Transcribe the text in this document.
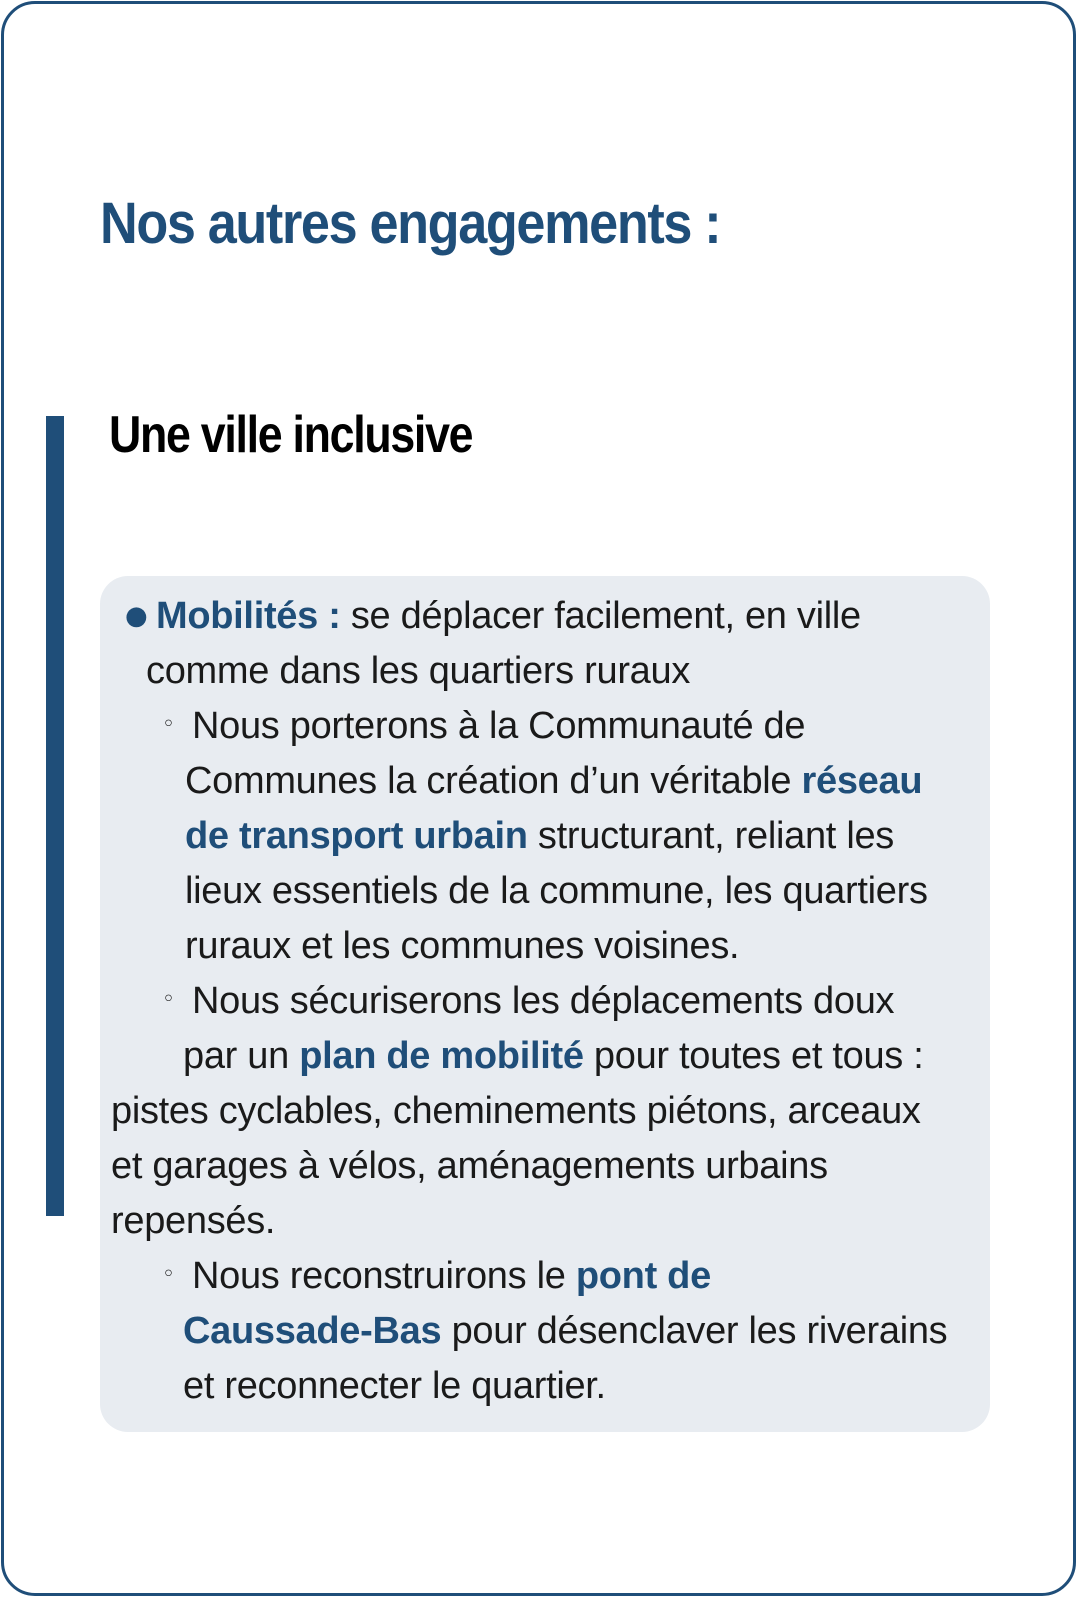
Nos autres engagements :
Une ville inclusive
● Mobilités : se déplacer facilement, en ville
comme dans les quartiers ruraux
◦ Nous porterons à la Communauté de
Communes la création d’un véritable réseau
de transport urbain structurant, reliant les
lieux essentiels de la commune, les quartiers
ruraux et les communes voisines.
◦ Nous sécuriserons les déplacements doux
par un plan de mobilité pour toutes et tous :
pistes cyclables, cheminements piétons, arceaux
et garages à vélos, aménagements urbains
repensés.
◦ Nous reconstruirons le pont de
Caussade-Bas pour désenclaver les riverains
et reconnecter le quartier.
